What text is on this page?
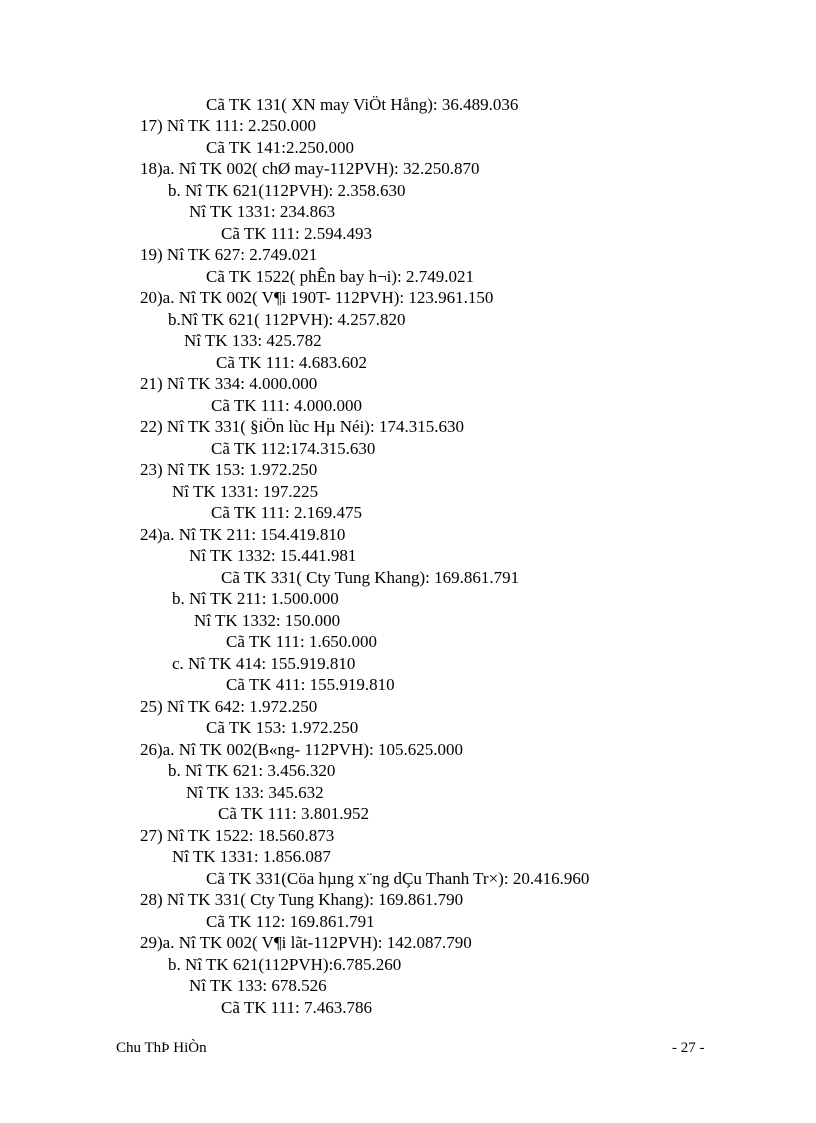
Cã TK 131( XN may ViÖt Hång): 36.489.036
17) Nî TK 111: 2.250.000
Cã TK 141:2.250.000
18)a. Nî TK 002( chØ may-112PVH): 32.250.870
b. Nî TK 621(112PVH): 2.358.630
Nî TK 1331: 234.863
Cã TK 111: 2.594.493
19) Nî TK 627: 2.749.021
Cã TK 1522( phÊn bay h¬i): 2.749.021
20)a. Nî TK 002( V¶i 190T- 112PVH): 123.961.150
b.Nî TK 621( 112PVH): 4.257.820
Nî TK 133: 425.782
Cã TK 111: 4.683.602
21) Nî TK 334: 4.000.000
Cã TK 111: 4.000.000
22) Nî TK 331( §iÖn lùc Hµ Néi): 174.315.630
Cã TK 112:174.315.630
23) Nî TK 153: 1.972.250
Nî TK 1331: 197.225
Cã TK 111: 2.169.475
24)a. Nî TK 211: 154.419.810
Nî TK 1332: 15.441.981
Cã TK 331( Cty Tung Khang): 169.861.791
b. Nî TK 211: 1.500.000
Nî TK 1332: 150.000
Cã TK 111: 1.650.000
c. Nî TK 414: 155.919.810
Cã TK 411: 155.919.810
25) Nî TK 642: 1.972.250
Cã TK 153: 1.972.250
26)a. Nî TK 002(B«ng- 112PVH): 105.625.000
b. Nî TK 621: 3.456.320
Nî TK 133: 345.632
Cã TK 111: 3.801.952
27) Nî TK 1522: 18.560.873
Nî TK 1331: 1.856.087
Cã TK 331(Cöa hµng x¨ng dÇu Thanh Tr×): 20.416.960
28) Nî TK 331( Cty Tung Khang): 169.861.790
Cã TK 112: 169.861.791
29)a. Nî TK 002( V¶i lãt-112PVH): 142.087.790
b. Nî TK 621(112PVH):6.785.260
Nî TK 133: 678.526
Cã TK 111: 7.463.786
Chu ThÞ HiÒn	- 27 -
